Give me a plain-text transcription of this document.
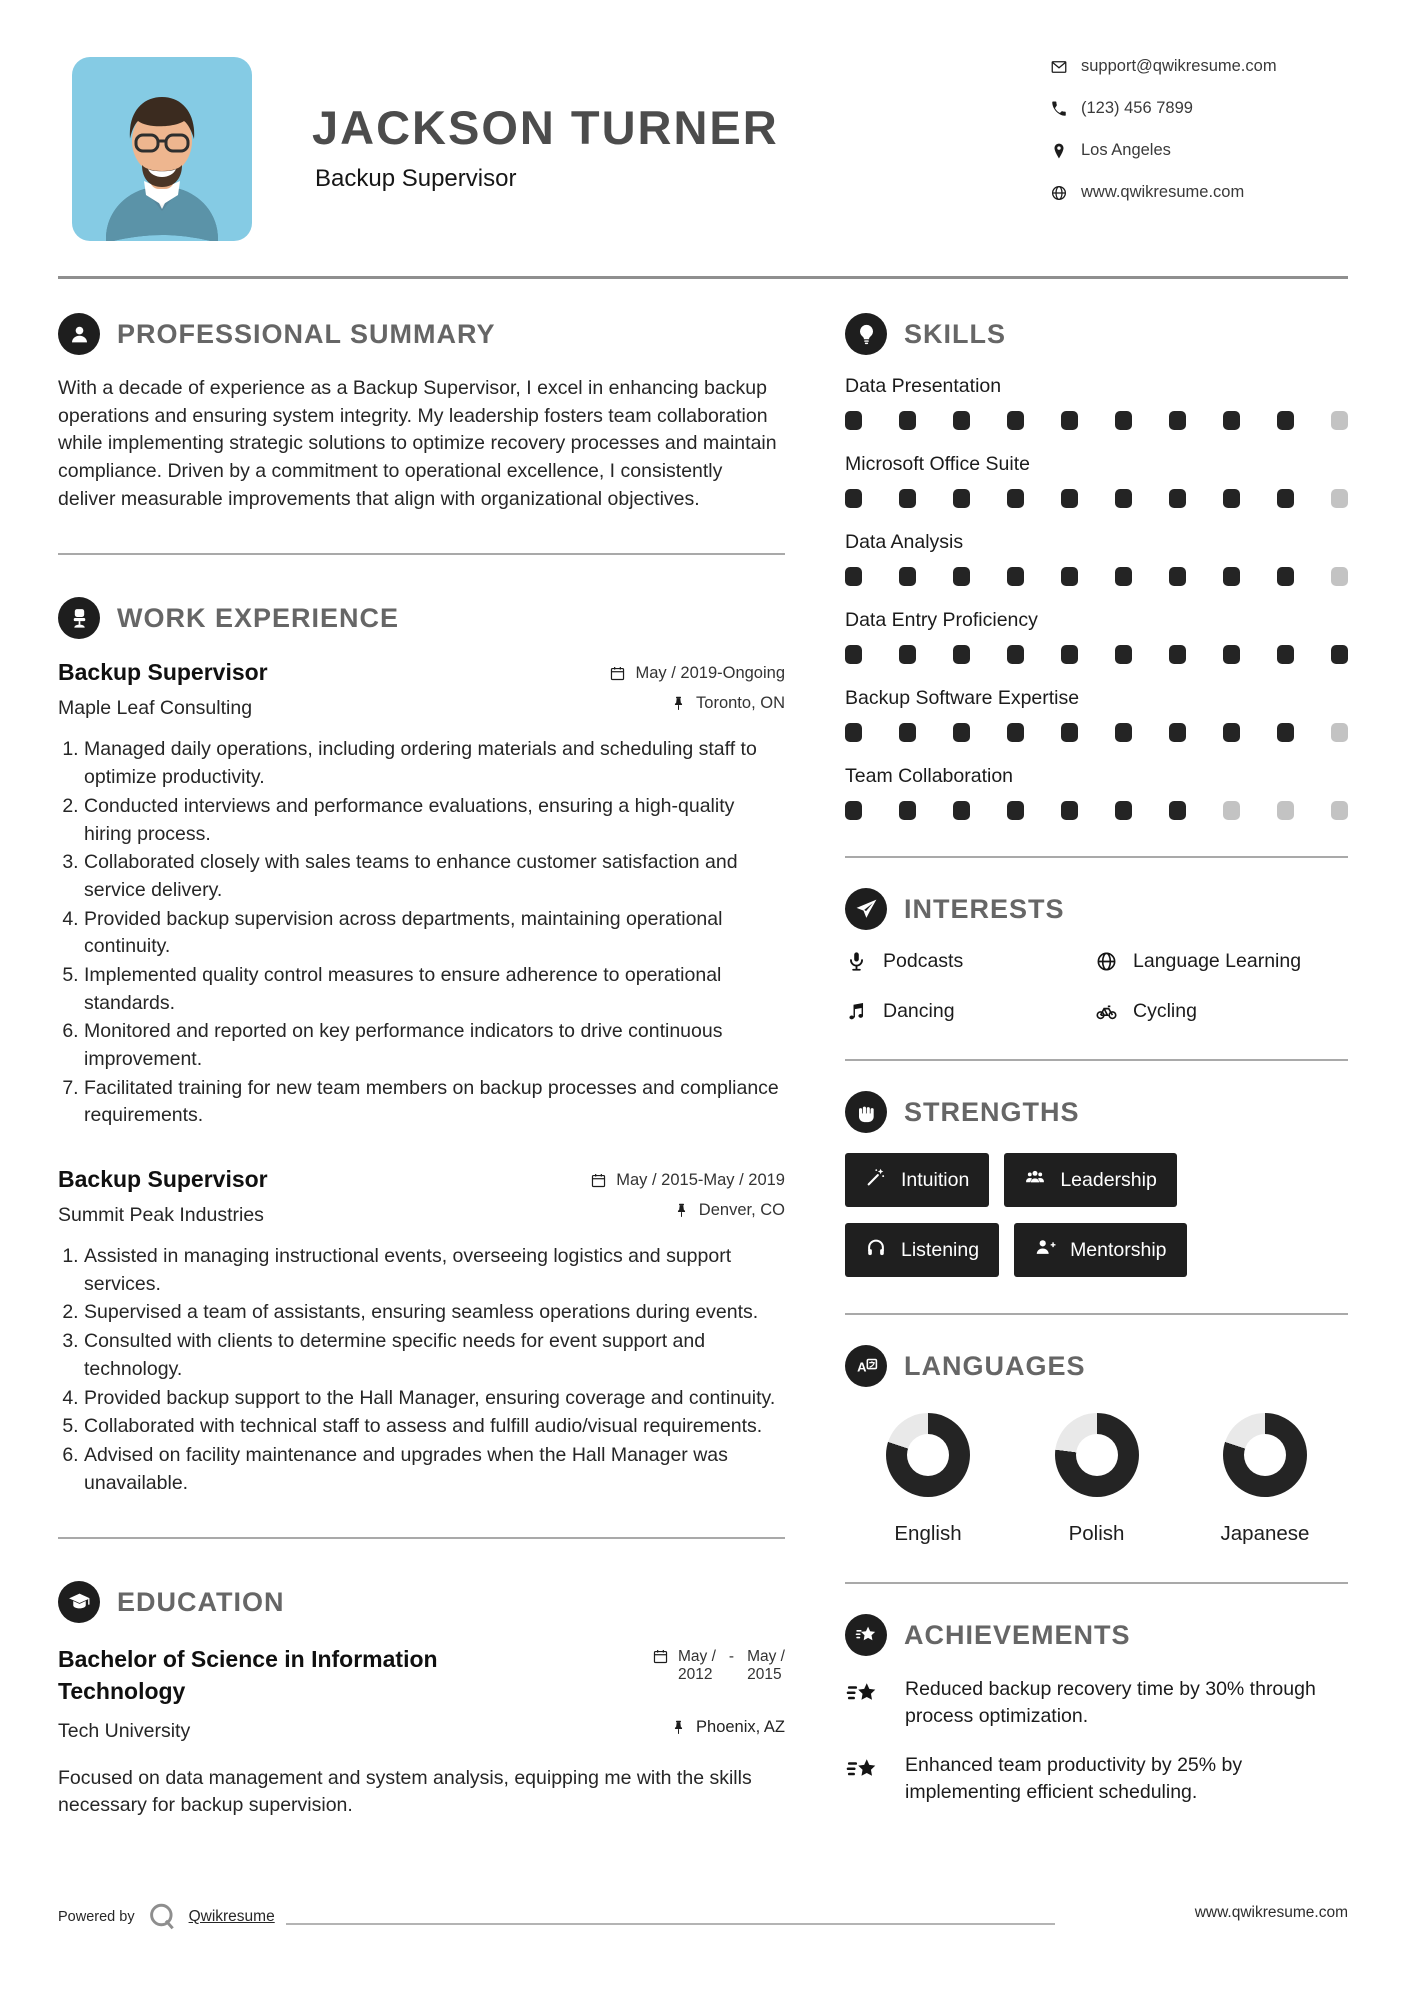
JACKSON TURNER
Backup Supervisor
support@qwikresume.com
(123) 456 7899
Los Angeles
www.qwikresume.com
PROFESSIONAL SUMMARY
With a decade of experience as a Backup Supervisor, I excel in enhancing backup operations and ensuring system integrity. My leadership fosters team collaboration while implementing strategic solutions to optimize recovery processes and maintain compliance. Driven by a commitment to operational excellence, I consistently deliver measurable improvements that align with organizational objectives.
WORK EXPERIENCE
Backup Supervisor
Maple Leaf Consulting
May / 2019-Ongoing
Toronto, ON
1. Managed daily operations, including ordering materials and scheduling staff to optimize productivity.
2. Conducted interviews and performance evaluations, ensuring a high-quality hiring process.
3. Collaborated closely with sales teams to enhance customer satisfaction and service delivery.
4. Provided backup supervision across departments, maintaining operational continuity.
5. Implemented quality control measures to ensure adherence to operational standards.
6. Monitored and reported on key performance indicators to drive continuous improvement.
7. Facilitated training for new team members on backup processes and compliance requirements.
Backup Supervisor
Summit Peak Industries
May / 2015-May / 2019
Denver, CO
1. Assisted in managing instructional events, overseeing logistics and support services.
2. Supervised a team of assistants, ensuring seamless operations during events.
3. Consulted with clients to determine specific needs for event support and technology.
4. Provided backup support to the Hall Manager, ensuring coverage and continuity.
5. Collaborated with technical staff to assess and fulfill audio/visual requirements.
6. Advised on facility maintenance and upgrades when the Hall Manager was unavailable.
EDUCATION
Bachelor of Science in Information Technology
Tech University
May /
2012
- May /
2015
Phoenix, AZ
Focused on data management and system analysis, equipping me with the skills necessary for backup supervision.
SKILLS
Data Presentation
Microsoft Office Suite
Data Analysis
Data Entry Proficiency
Backup Software Expertise
Team Collaboration
INTERESTS
Podcasts	Language Learning
Dancing	Cycling
STRENGTHS
Intuition	Leadership
Listening	Mentorship
A LANGUAGES
English	Polish	Japanese
ACHIEVEMENTS
Reduced backup recovery time by 30% through process optimization.
Enhanced team productivity by 25% by implementing efficient scheduling.
Powered by	Qwikresume	www.qwikresume.com
